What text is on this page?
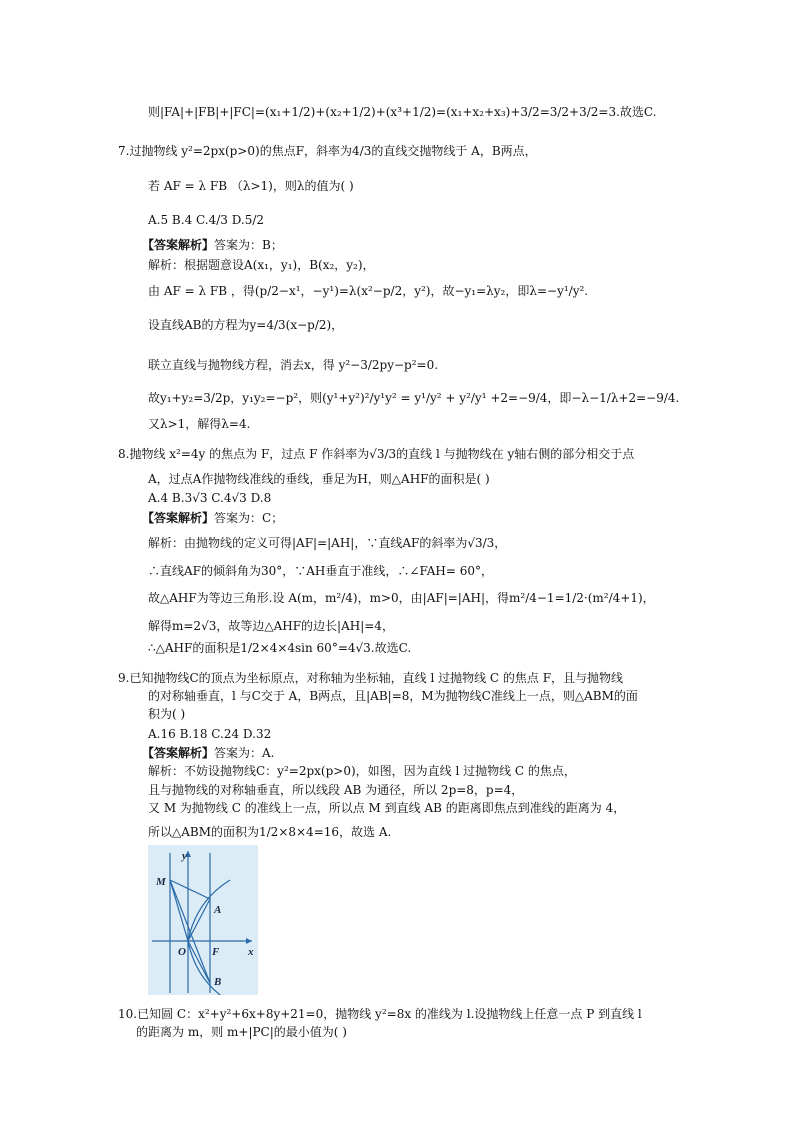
则|FA|+|FB|+|FC|=(x₁+1/2)+(x₂+1/2)+(x³+1/2)=(x₁+x₂+x₃)+3/2=3/2+3/2=3.故选C.
7.过抛物线 y²=2px(p>0)的焦点F，斜率为4/3的直线交抛物线于 A，B两点，
若 AF = λ FB （λ>1)，则λ的值为( )
A.5 B.4 C.4/3 D.5/2
【答案解析】答案为：B；
解析：根据题意设A(x₁，y₁)，B(x₂，y₂)，
由 AF = λ FB ，得(p/2−x¹，−y¹)=λ(x²−p/2，y²)，故−y₁=λy₂，即λ=−y¹/y².
设直线AB的方程为y=4/3(x−p/2)，
联立直线与抛物线方程，消去x，得 y²−3/2py−p²=0.
故y₁+y₂=3/2p，y₁y₂=−p²，则(y¹+y²)²/y¹y² = y¹/y² + y²/y¹ +2=−9/4，即−λ−1/λ+2=−9/4.
又λ>1，解得λ=4.
8.抛物线 x²=4y 的焦点为 F，过点 F 作斜率为√3/3的直线 l 与抛物线在 y轴右侧的部分相交于点
A，过点A作抛物线准线的垂线，垂足为H，则△AHF的面积是( )
A.4 B.3√3 C.4√3 D.8
【答案解析】答案为：C；
解析：由抛物线的定义可得|AF|=|AH|，∵直线AF的斜率为√3/3，
∴直线AF的倾斜角为30°，∵AH垂直于准线，∴∠FAH= 60°，
故△AHF为等边三角形.设 A(m，m²/4)，m>0，由|AF|=|AH|，得m²/4−1=1/2·(m²/4+1)，
解得m=2√3，故等边△AHF的边长|AH|=4，
∴△AHF的面积是1/2×4×4sin 60°=4√3.故选C.
9.已知抛物线C的顶点为坐标原点，对称轴为坐标轴，直线 l 过抛物线 C 的焦点 F，且与抛物线
的对称轴垂直，l 与C交于 A，B两点，且|AB|=8，M为抛物线C准线上一点，则△ABM的面
积为( )
A.16 B.18 C.24 D.32
【答案解析】答案为：A.
解析：不妨设抛物线C：y²=2px(p>0)，如图，因为直线 l 过抛物线 C 的焦点，
且与抛物线的对称轴垂直，所以线段 AB 为通径，所以 2p=8，p=4，
又 M 为抛物线 C 的准线上一点，所以点 M 到直线 AB 的距离即焦点到准线的距离为 4，
所以△ABM的面积为1/2×8×4=16，故选 A.
y
x
M
A
O F
B
10.已知圆 C：x²+y²+6x+8y+21=0，抛物线 y²=8x 的准线为 l.设抛物线上任意一点 P 到直线 l
的距离为 m，则 m+|PC|的最小值为( )
